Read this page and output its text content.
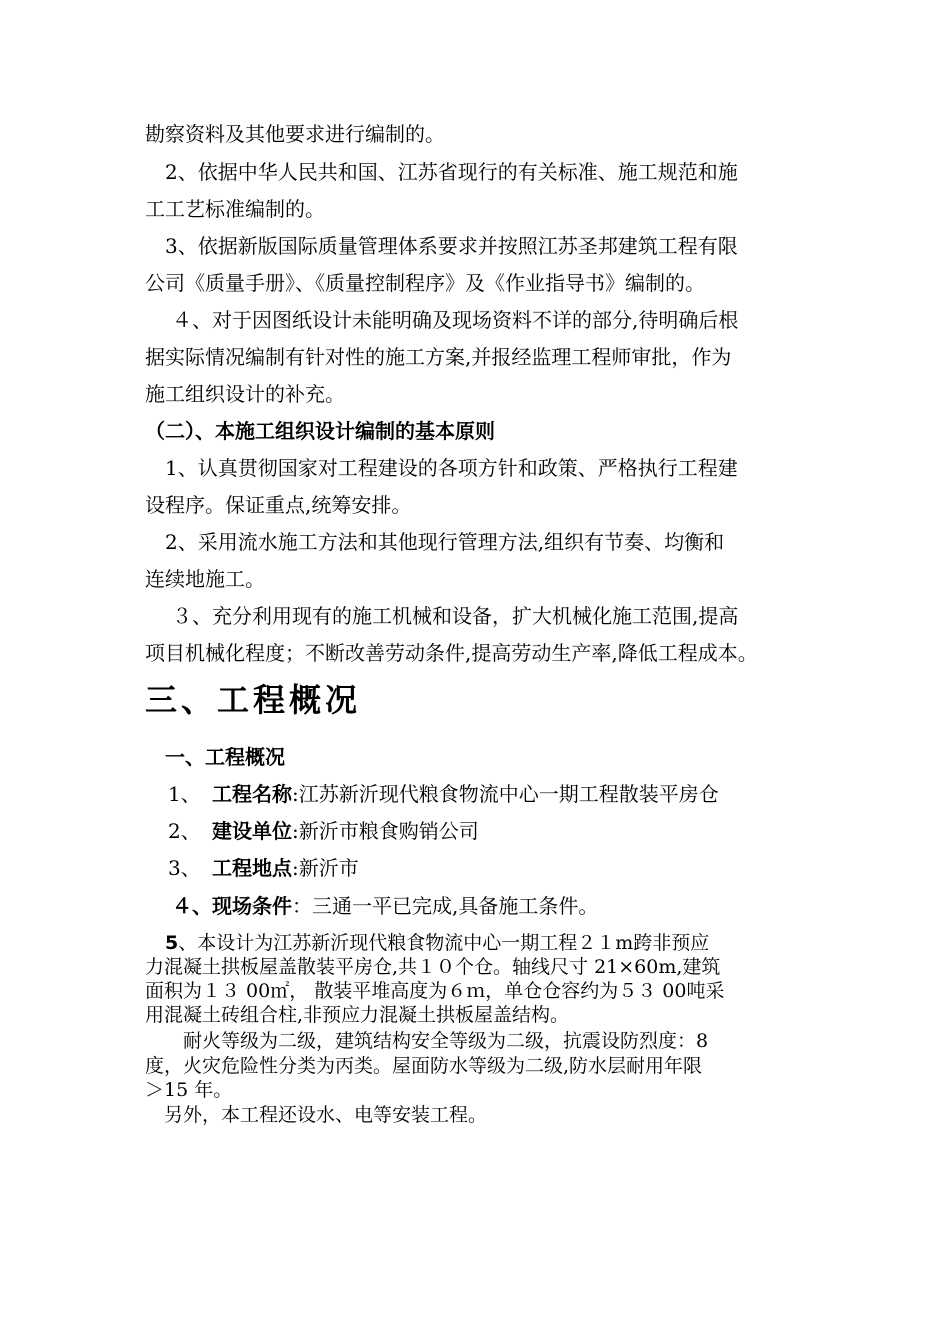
勘察资料及其他要求进行编制的。
2、依据中华人民共和国、江苏省现行的有关标准、施工规范和施
工工艺标准编制的。
3、依据新版国际质量管理体系要求并按照江苏圣邦建筑工程有限
公司《质量手册》、《质量控制程序》及《作业指导书》编制的。
４、对于因图纸设计未能明确及现场资料不详的部分,待明确后根
据实际情况编制有针对性的施工方案,并报经监理工程师审批，作为
施工组织设计的补充。
（二）、本施工组织设计编制的基本原则
1、认真贯彻国家对工程建设的各项方针和政策、严格执行工程建
设程序。保证重点,统筹安排。
2、采用流水施工方法和其他现行管理方法,组织有节奏、均衡和
连续地施工。
３、充分利用现有的施工机械和设备，扩大机械化施工范围,提高
项目机械化程度；不断改善劳动条件,提高劳动生产率,降低工程成本。
三、工程概况
一、工程概况
1、 工程名称:江苏新沂现代粮食物流中心一期工程散装平房仓
2、 建设单位:新沂市粮食购销公司
3、 工程地点:新沂市
４、现场条件：三通一平已完成,具备施工条件。
5、本设计为江苏新沂现代粮食物流中心一期工程２１m跨非预应
力混凝土拱板屋盖散装平房仓,共１０个仓。轴线尺寸 21×60m,建筑
面积为１３ 00㎡， 散装平堆高度为６ｍ，单仓仓容约为５３ 00吨采
用混凝土砖组合柱,非预应力混凝土拱板屋盖结构。
　　耐火等级为二级，建筑结构安全等级为二级，抗震设防烈度：8
度，火灾危险性分类为丙类。屋面防水等级为二级,防水层耐用年限
＞15 年。
　另外，本工程还设水、电等安装工程。
